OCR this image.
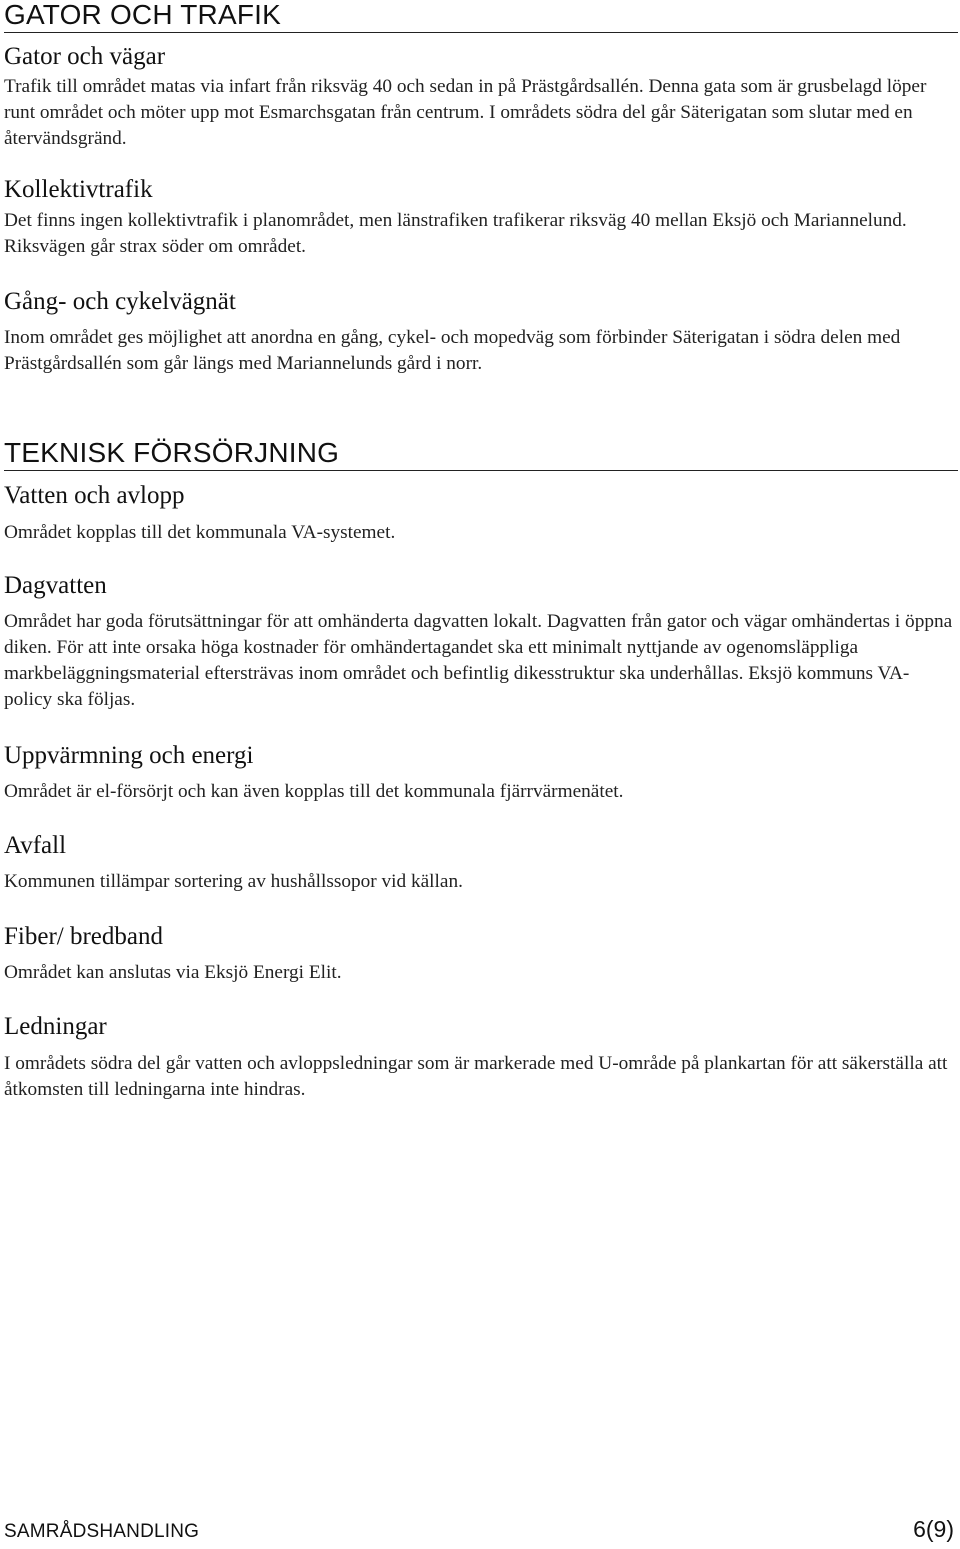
GATOR OCH TRAFIK
Gator och vägar

Trafik till området matas via infart från riksväg 40 och sedan in på Prästgårdsallén. Denna gata som är grusbelagd löper runt området och möter upp mot Esmarchsgatan från centrum. I områdets södra del går Säterigatan som slutar med en återvändsgränd.

Kollektivtrafik

Det finns ingen kollektivtrafik i planområdet, men länstrafiken trafikerar riksväg 40 mellan Eksjö och Mariannelund. Riksvägen går strax söder om området.

Gång- och cykelvägnät

Inom området ges möjlighet att anordna en gång, cykel- och mopedväg som förbinder Säterigatan i södra delen med Prästgårdsallén som går längs med Mariannelunds gård i norr.

TEKNISK FÖRSÖRJNING
Vatten och avlopp

Området kopplas till det kommunala VA-systemet.

Dagvatten

Området har goda förutsättningar för att omhänderta dagvatten lokalt. Dagvatten från gator och vägar omhändertas i öppna diken. För att inte orsaka höga kostnader för omhändertagandet ska ett minimalt nyttjande av ogenomsläppliga markbeläggningsmaterial eftersträvas inom området och befintlig dikesstruktur ska underhållas. Eksjö kommuns VA-policy ska följas.

Uppvärmning och energi

Området är el-försörjt och kan även kopplas till det kommunala fjärrvärmenätet.

Avfall

Kommunen tillämpar sortering av hushållssopor vid källan.

Fiber/ bredband

Området kan anslutas via Eksjö Energi Elit.

Ledningar

I områdets södra del går vatten och avloppsledningar som är markerade med U-område på plankartan för att säkerställa att åtkomsten till ledningarna inte hindras.

SAMRÅDSHANDLING	6(9)
